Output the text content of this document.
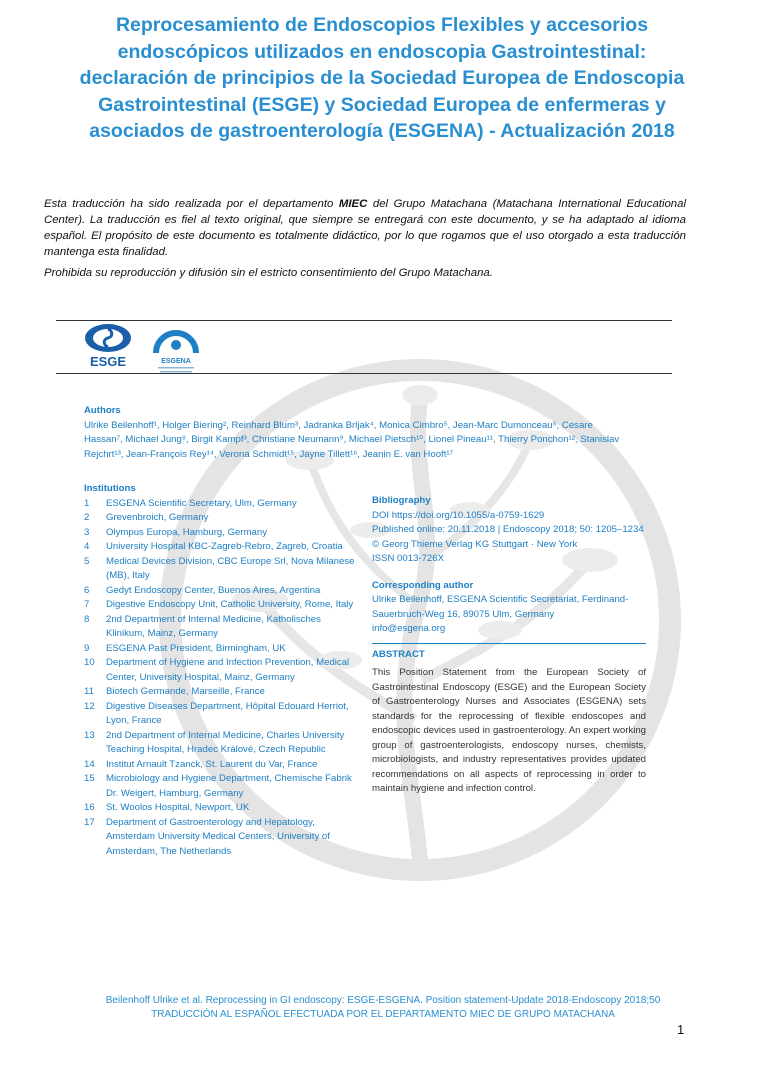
Reprocesamiento de Endoscopios Flexibles y accesorios
endoscópicos utilizados en endoscopia Gastrointestinal:
declaración de principios de la Sociedad Europea de Endoscopia
Gastrointestinal (ESGE) y Sociedad Europea de enfermeras y
asociados de gastroenterología (ESGENA) - Actualización 2018

Esta traducción ha sido realizada por el departamento MIEC del Grupo Matachana (Matachana International Educational Center). La traducción es fiel al texto original, que siempre se entregará con este documento, y se ha adaptado al idioma español. El propósito de este documento es totalmente didáctico, por lo que rogamos que el uso otorgado a esta traducción mantenga esta finalidad.

Prohibida su reproducción y difusión sin el estricto consentimiento del Grupo Matachana.

ESGE	ESGENA
Authors
Ulrike Beilenhoff¹, Holger Biering², Reinhard Blum³, Jadranka Brljak⁴, Monica Cimbro⁵, Jean-Marc Dumonceau⁶, Cesare Hassan⁷, Michael Jung⁸, Birgit Kampf³, Christiane Neumann⁹, Michael Pietsch¹⁰, Lionel Pineau¹¹, Thierry Ponchon¹², Stanislav Rejchrt¹³, Jean-François Rey¹⁴, Verona Schmidt¹⁵, Jayne Tillett¹⁶, Jeanin E. van Hooft¹⁷
Institutions
1	ESGENA Scientific Secretary, Ulm, Germany
2	Grevenbroich, Germany
3	Olympus Europa, Hamburg, Germany
4	University Hospital KBC-Zagreb-Rebro, Zagreb, Croatia
5	Medical Devices Division, CBC Europe Srl, Nova Milanese (MB), Italy
6	Gedyt Endoscopy Center, Buenos Aires, Argentina
7	Digestive Endoscopy Unit, Catholic University, Rome, Italy
8	2nd Department of Internal Medicine, Katholisches Klinikum, Mainz, Germany
9	ESGENA Past President, Birmingham, UK
10	Department of Hygiene and Infection Prevention, Medical Center, University Hospital, Mainz, Germany
11	Biotech Germande, Marseille, France
12	Digestive Diseases Department, Hôpital Edouard Herriot, Lyon, France
13	2nd Department of Internal Medicine, Charles University Teaching Hospital, Hradec Králové, Czech Republic
14	Institut Arnault Tzanck, St. Laurent du Var, France
15	Microbiology and Hygiene Department, Chemische Fabrik Dr. Weigert, Hamburg, Germany
16	St. Woolos Hospital, Newport, UK
17	Department of Gastroenterology and Hepatology, Amsterdam University Medical Centers, University of Amsterdam, The Netherlands
Bibliography
DOI https://doi.org/10.1055/a-0759-1629
Published online: 20.11.2018 | Endoscopy 2018; 50: 1205–1234
© Georg Thieme Verlag KG Stuttgart · New York
ISSN 0013-726X
Corresponding author
Ulrike Beilenhoff, ESGENA Scientific Secretariat, Ferdinand-Sauerbruch-Weg 16, 89075 Ulm, Germany
info@esgena.org
ABSTRACT
This Position Statement from the European Society of Gastrointestinal Endoscopy (ESGE) and the European Society of Gastroenterology Nurses and Associates (ESGENA) sets standards for the reprocessing of flexible endoscopes and endoscopic devices used in gastroenterology. An expert working group of gastroenterologists, endoscopy nurses, chemists, microbiologists, and industry representatives provides updated recommendations on all aspects of reprocessing in order to maintain hygiene and infection control.
Beilenhoff Ulrike et al. Reprocessing in GI endoscopy: ESGE-ESGENA. Position statement-Update 2018-Endoscopy 2018;50
TRADUCCIÓN AL ESPAÑOL EFECTUADA POR EL DEPARTAMENTO MIEC DE GRUPO MATACHANA
1
